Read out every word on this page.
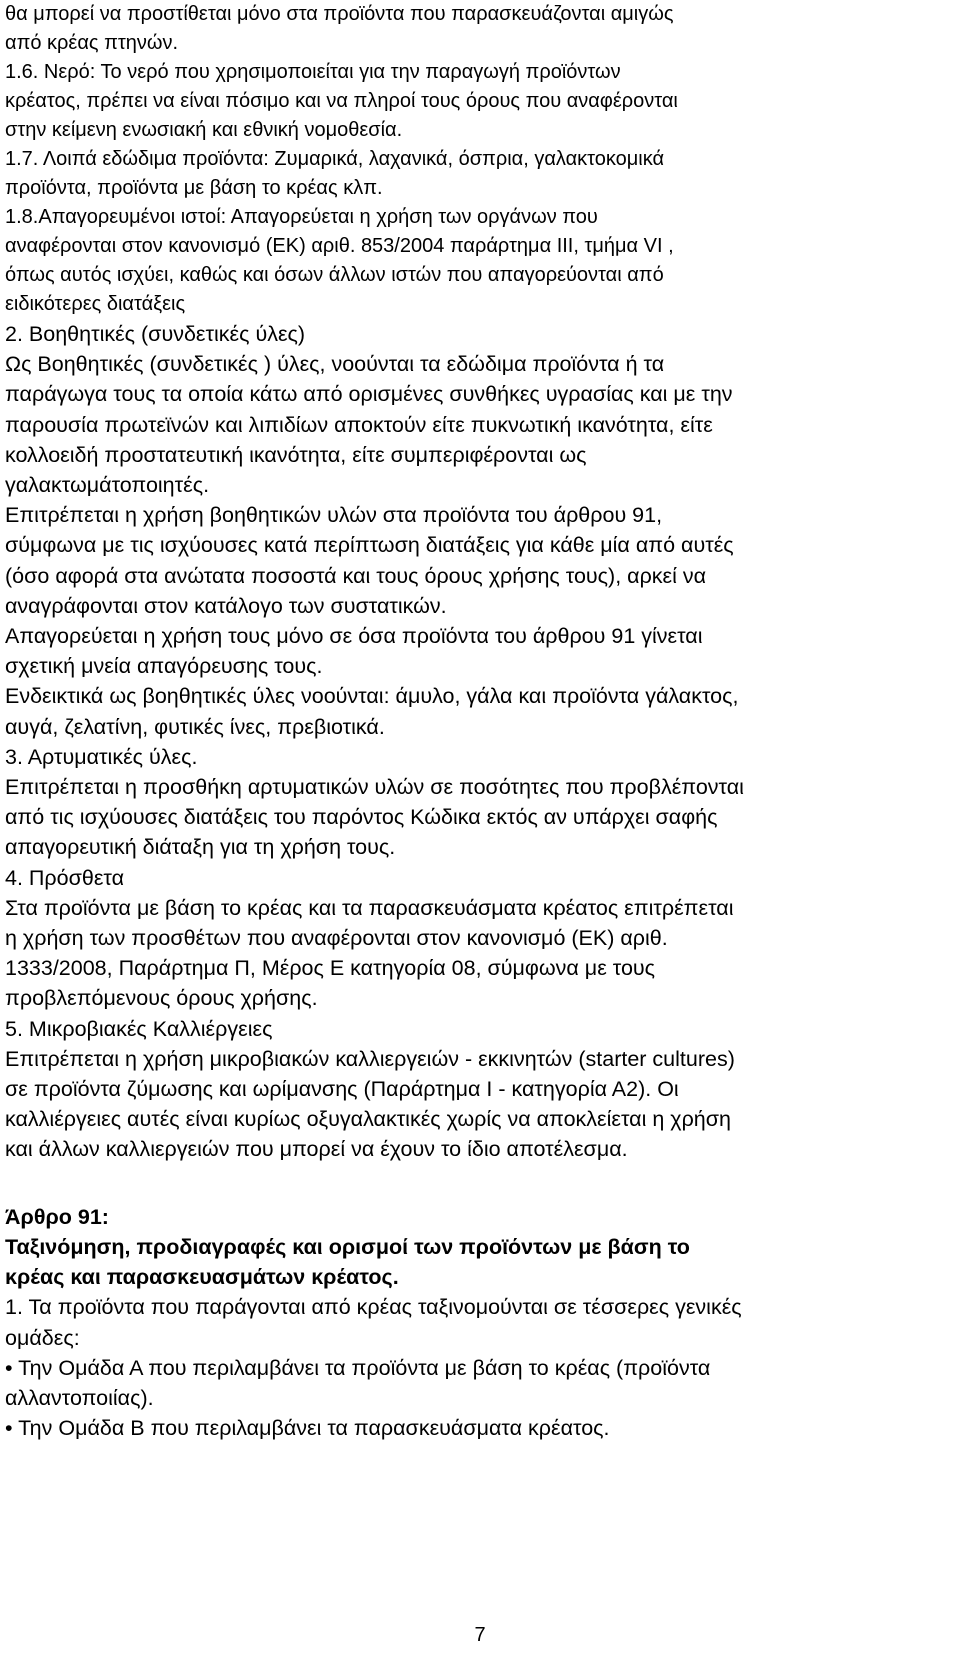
θα μπορεί να προστίθεται μόνο στα προϊόντα που παρασκευάζονται αμιγώς
από κρέας πτηνών.
1.6. Νερό: Το νερό που χρησιμοποιείται για την παραγωγή προϊόντων
κρέατος, πρέπει να είναι πόσιμο και να πληροί τους όρους που αναφέρονται
στην κείμενη ενωσιακή και εθνική νομοθεσία.
1.7. Λοιπά εδώδιμα προϊόντα: Ζυμαρικά, λαχανικά, όσπρια, γαλακτοκομικά
προϊόντα, προϊόντα με βάση το κρέας κλπ.
1.8.Απαγορευμένοι ιστοί: Απαγορεύεται η χρήση των οργάνων που
αναφέρονται στον κανονισμό (ΕΚ) αριθ. 853/2004 παράρτημα III, τμήμα VI ,
όπως αυτός ισχύει, καθώς και όσων άλλων ιστών που απαγορεύονται από
ειδικότερες διατάξεις
2. Βοηθητικές (συνδετικές ύλες)
Ως Βοηθητικές (συνδετικές ) ύλες, νοούνται τα εδώδιμα προϊόντα ή τα
παράγωγα τους τα οποία κάτω από ορισμένες συνθήκες υγρασίας και με την
παρουσία πρωτεϊνών και λιπιδίων αποκτούν είτε πυκνωτική ικανότητα, είτε
κολλοειδή προστατευτική ικανότητα, είτε συμπεριφέρονται ως
γαλακτωμάτοποιητές.
Επιτρέπεται η χρήση βοηθητικών υλών στα προϊόντα του άρθρου 91,
σύμφωνα με τις ισχύουσες κατά περίπτωση διατάξεις για κάθε μία από αυτές
(όσο αφορά στα ανώτατα ποσοστά και τους όρους χρήσης τους), αρκεί να
αναγράφονται στον κατάλογο των συστατικών.
Απαγορεύεται η χρήση τους μόνο σε όσα προϊόντα του άρθρου 91 γίνεται
σχετική μνεία απαγόρευσης τους.
Ενδεικτικά ως βοηθητικές ύλες νοούνται: άμυλο, γάλα και προϊόντα γάλακτος,
αυγά, ζελατίνη, φυτικές ίνες, πρεβιοτικά.
3. Αρτυματικές ύλες.
Επιτρέπεται η προσθήκη αρτυματικών υλών σε ποσότητες που προβλέπονται
από τις ισχύουσες διατάξεις του παρόντος Κώδικα εκτός αν υπάρχει σαφής
απαγορευτική διάταξη για τη χρήση τους.
4. Πρόσθετα
Στα προϊόντα με βάση το κρέας και τα παρασκευάσματα κρέατος επιτρέπεται
η χρήση των προσθέτων που αναφέρονται στον κανονισμό (ΕΚ) αριθ.
1333/2008, Παράρτημα Π, Μέρος Ε κατηγορία 08, σύμφωνα με τους
προβλεπόμενους όρους χρήσης.
5. Μικροβιακές Καλλιέργειες
Επιτρέπεται η χρήση μικροβιακών καλλιεργειών - εκκινητών (starter cultures)
σε προϊόντα ζύμωσης και ωρίμανσης (Παράρτημα Ι - κατηγορία Α2). Οι
καλλιέργειες αυτές είναι κυρίως οξυγαλακτικές χωρίς να αποκλείεται η χρήση
και άλλων καλλιεργειών που μπορεί να έχουν το ίδιο αποτέλεσμα.
Άρθρο 91:
Ταξινόμηση, προδιαγραφές και ορισμοί των προϊόντων με βάση το
κρέας και παρασκευασμάτων κρέατος.
1. Τα προϊόντα που παράγονται από κρέας ταξινομούνται σε τέσσερες γενικές
ομάδες:
• Την Ομάδα Α που περιλαμβάνει τα προϊόντα με βάση το κρέας (προϊόντα
αλλαντοποιίας).
• Την Ομάδα Β που περιλαμβάνει τα παρασκευάσματα κρέατος.
7
